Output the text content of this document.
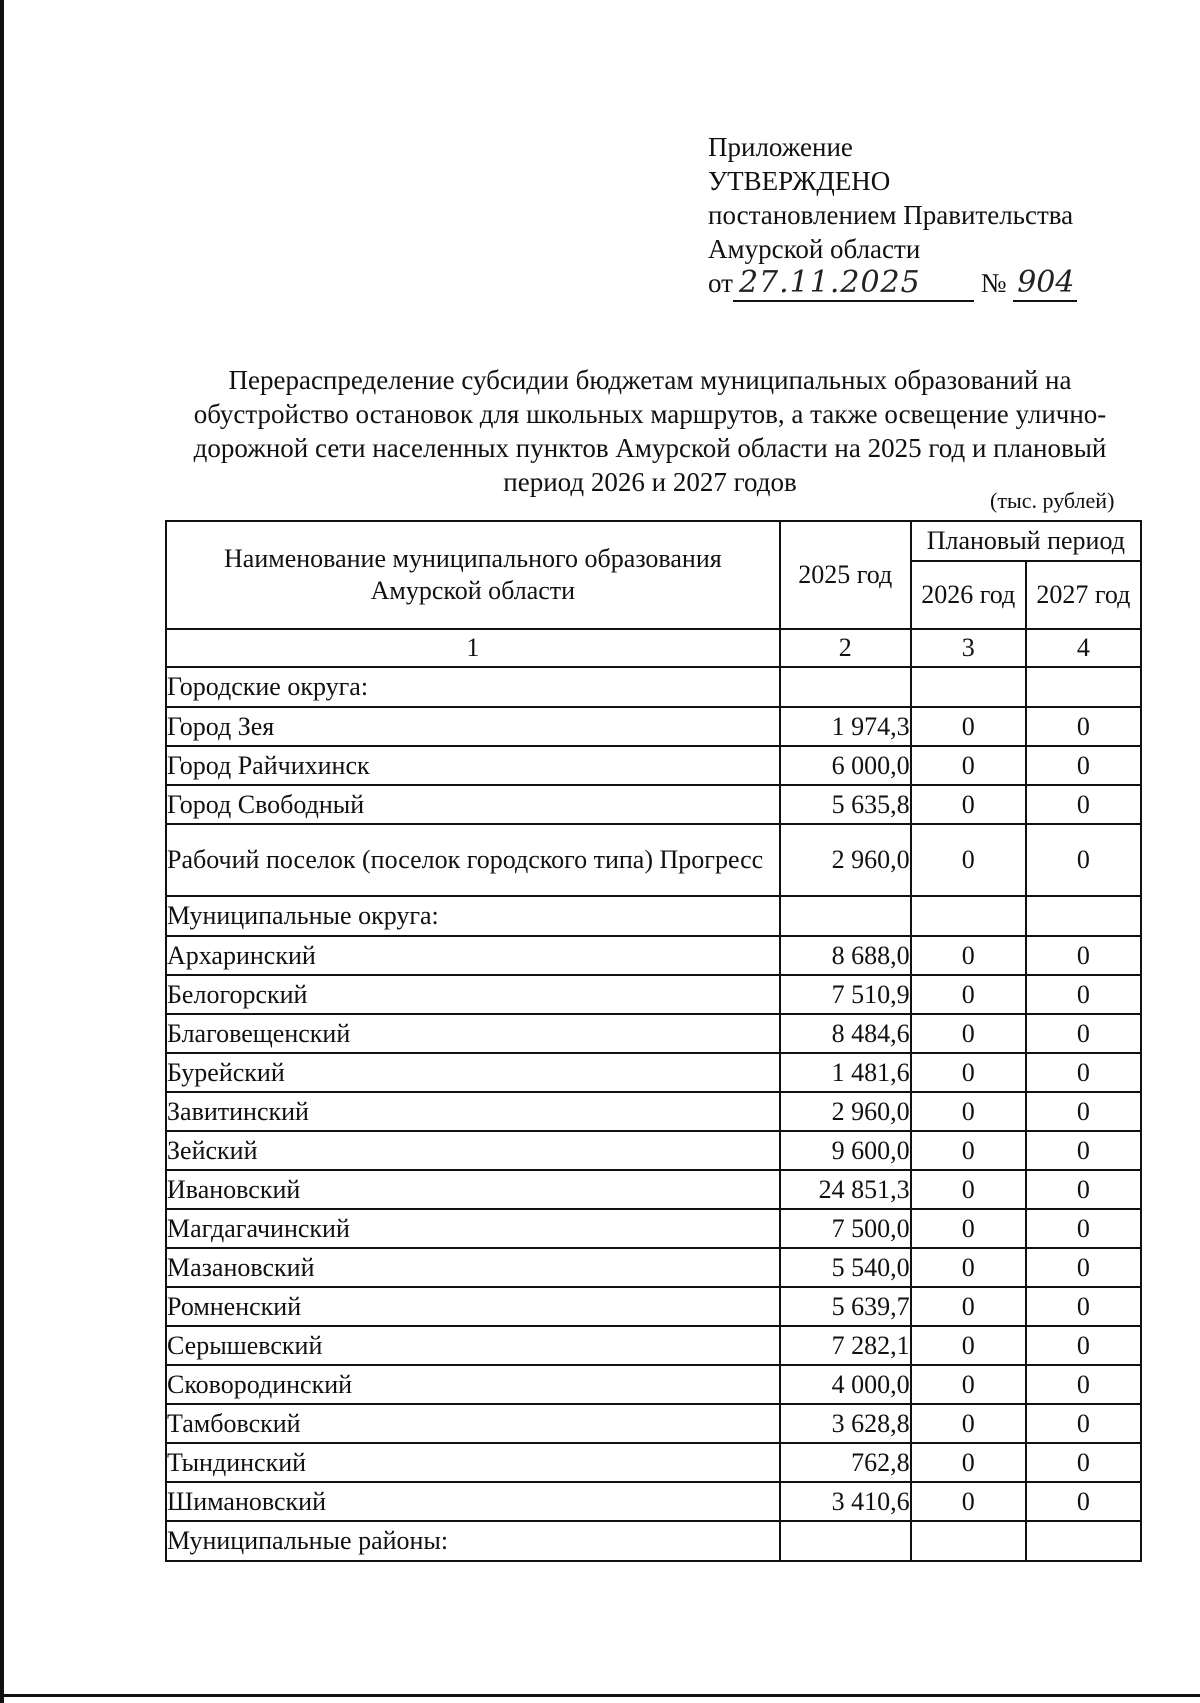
Приложение
УТВЕРЖДЕНО
постановлением Правительства
Амурской области
от 27.11.2025 № 904
Перераспределение субсидии бюджетам муниципальных образований на обустройство остановок для школьных маршрутов, а также освещение улично-дорожной сети населенных пунктов Амурской области на 2025 год и плановый период 2026 и 2027 годов
(тыс. рублей)
Наименование муниципального образования Амурской области	2025 год	Плановый период	
		2026 год	2027 год
1	2	3	4
Городские округа:			
Город Зея	1 974,3	0	0
Город Райчихинск	6 000,0	0	0
Город Свободный	5 635,8	0	0
Рабочий поселок (поселок городского типа) Прогресс	2 960,0	0	0
Муниципальные округа:			
Архаринский	8 688,0	0	0
Белогорский	7 510,9	0	0
Благовещенский	8 484,6	0	0
Бурейский	1 481,6	0	0
Завитинский	2 960,0	0	0
Зейский	9 600,0	0	0
Ивановский	24 851,3	0	0
Магдагачинский	7 500,0	0	0
Мазановский	5 540,0	0	0
Ромненский	5 639,7	0	0
Серышевский	7 282,1	0	0
Сковородинский	4 000,0	0	0
Тамбовский	3 628,8	0	0
Тындинский	762,8	0	0
Шимановский	3 410,6	0	0
Муниципальные районы:			
